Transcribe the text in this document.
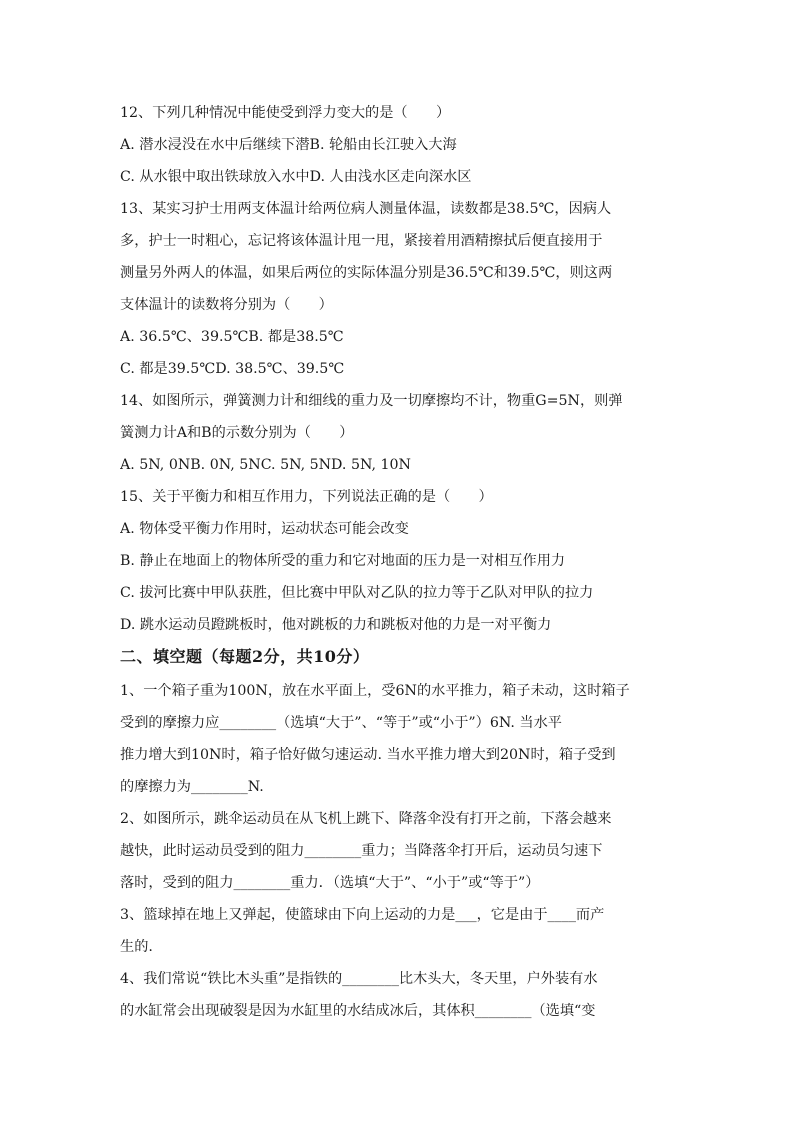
12、下列几种情况中能使受到浮力变大的是（　　）
A. 潜水浸没在水中后继续下潜B. 轮船由长江驶入大海
C. 从水银中取出铁球放入水中D. 人由浅水区走向深水区
13、某实习护士用两支体温计给两位病人测量体温，读数都是38.5℃，因病人
多，护士一时粗心，忘记将该体温计甩一甩，紧接着用酒精擦拭后便直接用于
测量另外两人的体温，如果后两位的实际体温分别是36.5℃和39.5℃，则这两
支体温计的读数将分别为（　　）
A. 36.5℃、39.5℃B. 都是38.5℃
C. 都是39.5℃D. 38.5℃、39.5℃
14、如图所示，弹簧测力计和细线的重力及一切摩擦均不计，物重G=5N，则弹
簧测力计A和B的示数分别为（　　）
A. 5N, 0NB. 0N, 5NC. 5N, 5ND. 5N, 10N
15、关于平衡力和相互作用力，下列说法正确的是（　　）
A. 物体受平衡力作用时，运动状态可能会改变
B. 静止在地面上的物体所受的重力和它对地面的压力是一对相互作用力
C. 拔河比赛中甲队获胜，但比赛中甲队对乙队的拉力等于乙队对甲队的拉力
D. 跳水运动员蹬跳板时，他对跳板的力和跳板对他的力是一对平衡力
二、填空题（每题2分，共10分）
1、一个箱子重为100N，放在水平面上，受6N的水平推力，箱子未动，这时箱子
受到的摩擦力应________（选填“大于”、“等于”或“小于”）6N. 当水平
推力增大到10N时，箱子恰好做匀速运动. 当水平推力增大到20N时，箱子受到
的摩擦力为________N.
2、如图所示，跳伞运动员在从飞机上跳下、降落伞没有打开之前，下落会越来
越快，此时运动员受到的阻力________重力；当降落伞打开后，运动员匀速下
落时，受到的阻力________重力．（选填“大于”、“小于”或“等于”）
3、篮球掉在地上又弹起，使篮球由下向上运动的力是___，它是由于____而产
生的.
4、我们常说“铁比木头重”是指铁的________比木头大，冬天里，户外装有水
的水缸常会出现破裂是因为水缸里的水结成冰后，其体积________（选填“变
